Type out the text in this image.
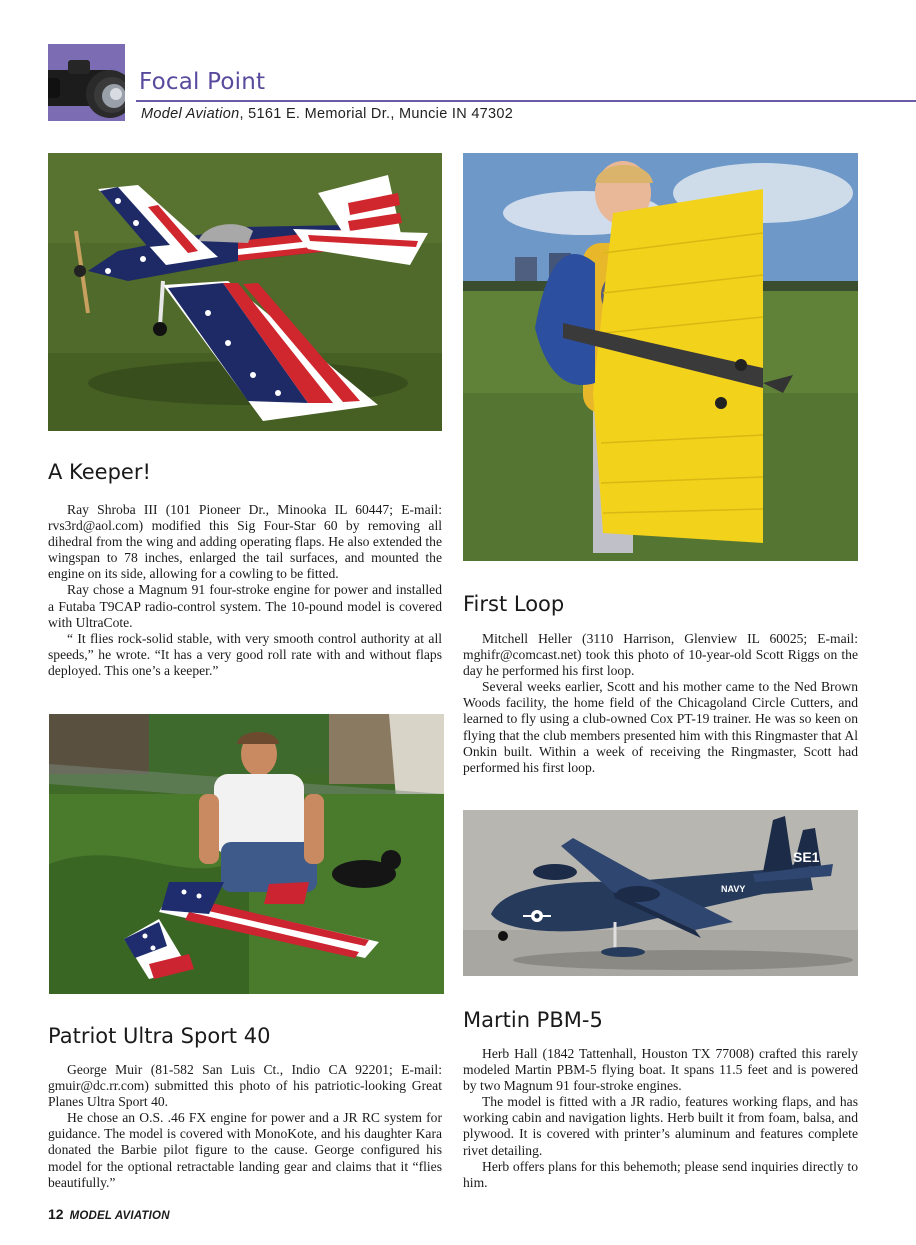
Focal Point
Model Aviation, 5161 E. Memorial Dr., Muncie IN 47302
A Keeper!

Ray Shroba III (101 Pioneer Dr., Minooka IL 60447; E-mail: rvs3rd@aol.com) modified this Sig Four-Star 60 by removing all dihedral from the wing and adding operating flaps. He also extended the wingspan to 78 inches, enlarged the tail surfaces, and mounted the engine on its side, allowing for a cowling to be fitted.

Ray chose a Magnum 91 four-stroke engine for power and installed a Futaba T9CAP radio-control system. The 10-pound model is covered with UltraCote.

“ It flies rock-solid stable, with very smooth control authority at all speeds,” he wrote. “It has a very good roll rate with and without flaps deployed. This one’s a keeper.”

First Loop

Mitchell Heller (3110 Harrison, Glenview IL 60025; E-mail: mghifr@comcast.net) took this photo of 10-year-old Scott Riggs on the day he performed his first loop.

Several weeks earlier, Scott and his mother came to the Ned Brown Woods facility, the home field of the Chicagoland Circle Cutters, and learned to fly using a club-owned Cox PT-19 trainer. He was so keen on flying that the club members presented him with this Ringmaster that Al Onkin built. Within a week of receiving the Ringmaster, Scott had performed his first loop.

Patriot Ultra Sport 40

George Muir (81-582 San Luis Ct., Indio CA 92201; E-mail: gmuir@dc.rr.com) submitted this photo of his patriotic-looking Great Planes Ultra Sport 40.

He chose an O.S. .46 FX engine for power and a JR RC system for guidance. The model is covered with MonoKote, and his daughter Kara donated the Barbie pilot figure to the cause. George configured his model for the optional retractable landing gear and claims that it “flies beautifully.”

SE1
NAVY
Martin PBM-5

Herb Hall (1842 Tattenhall, Houston TX 77008) crafted this rarely modeled Martin PBM-5 flying boat. It spans 11.5 feet and is powered by two Magnum 91 four-stroke engines.

The model is fitted with a JR radio, features working flaps, and has working cabin and navigation lights. Herb built it from foam, balsa, and plywood. It is covered with printer’s aluminum and features complete rivet detailing.

Herb offers plans for this behemoth; please send inquiries directly to him.

12 MODEL AVIATION
